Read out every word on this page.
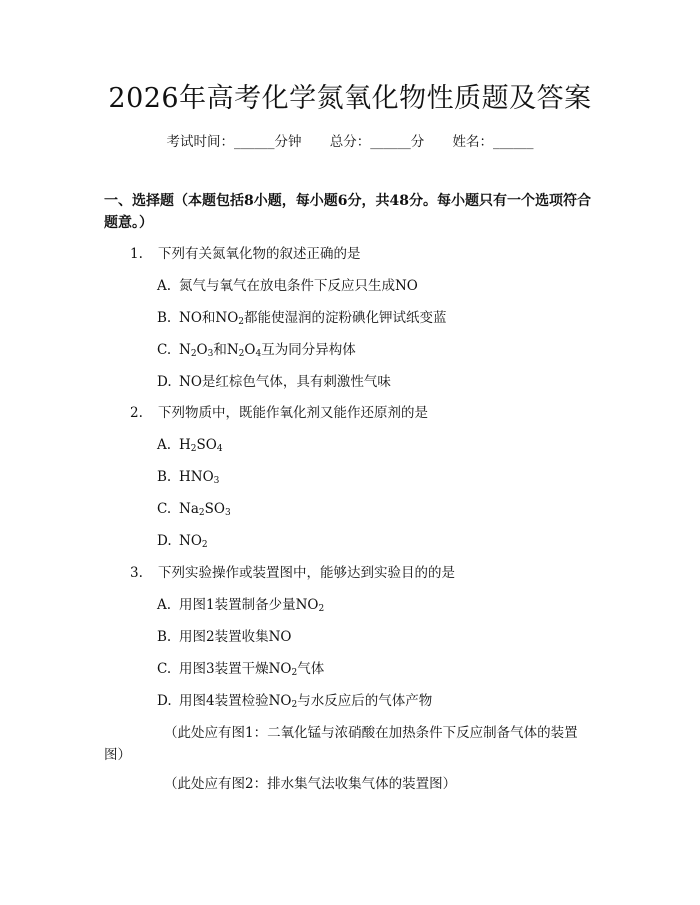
2026年高考化学氮氧化物性质题及答案
考试时间：______分钟 总分：______分 姓名：______
一、选择题（本题包括8小题，每小题6分，共48分。每小题只有一个选项符合题意。）
1. 下列有关氮氧化物的叙述正确的是
A. 氮气与氧气在放电条件下反应只生成NO
B. NO和$NO_2$都能使湿润的淀粉碘化钾试纸变蓝
C. $N_2O_3$和$N_2O_4$互为同分异构体
D. NO是红棕色气体，具有刺激性气味
2. 下列物质中，既能作氧化剂又能作还原剂的是
A. $H_2SO_4$
B. $HNO_3$
C. $Na_2SO_3$
D. $NO_2$
3. 下列实验操作或装置图中，能够达到实验目的的是
A. 用图1装置制备少量$NO_2$
B. 用图2装置收集NO
C. 用图3装置干燥$NO_2$气体
D. 用图4装置检验$NO_2$与水反应后的气体产物
（此处应有图1：二氧化锰与浓硝酸在加热条件下反应制备气体的装置图）
（此处应有图2：排水集气法收集气体的装置图）
